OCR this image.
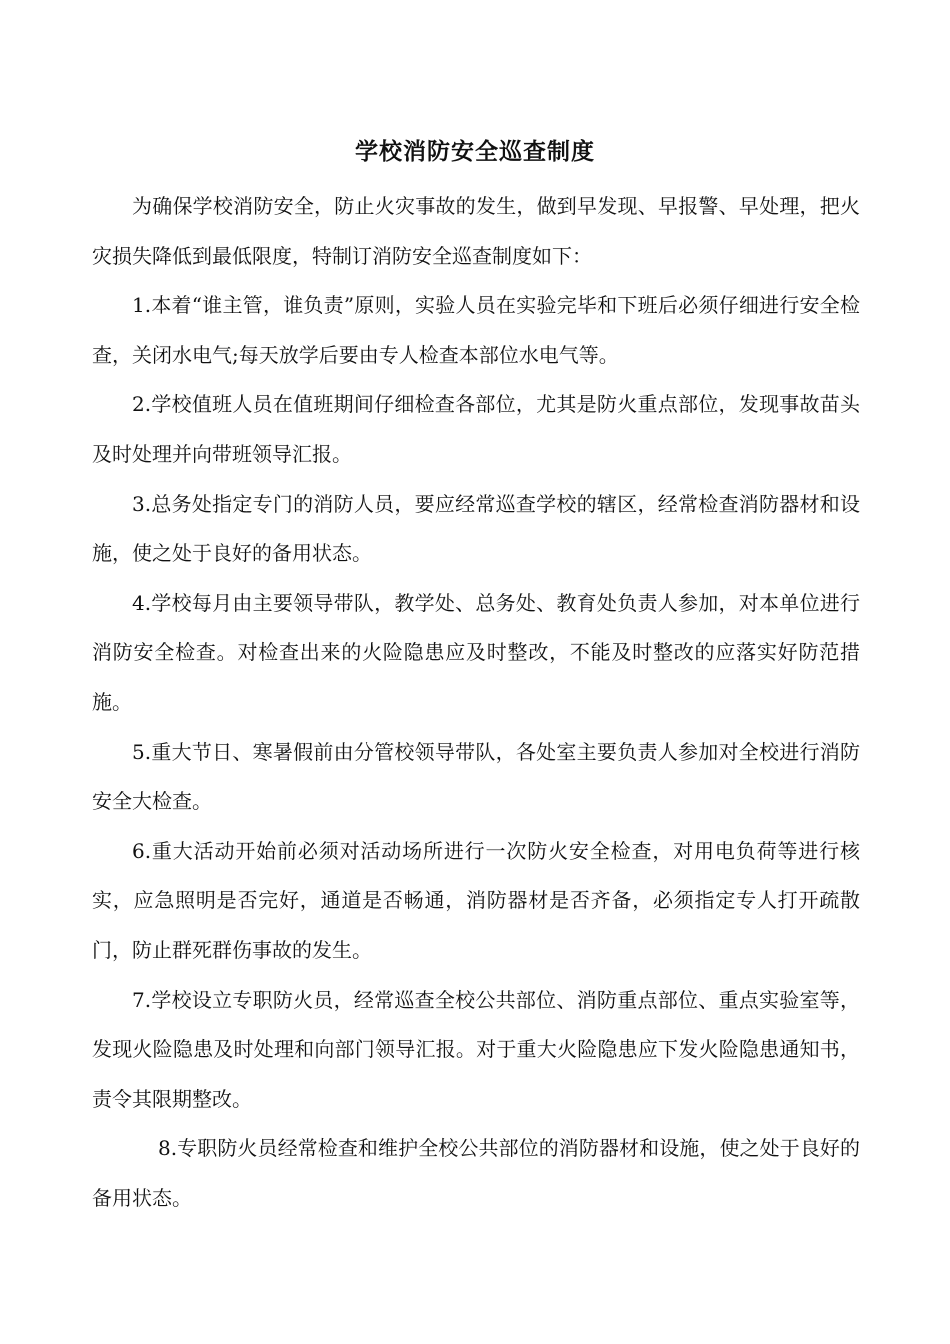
学校消防安全巡查制度

为确保学校消防安全，防止火灾事故的发生，做到早发现、早报警、早处理，把火灾损失降低到最低限度，特制订消防安全巡查制度如下：

1.本着“谁主管，谁负责”原则，实验人员在实验完毕和下班后必须仔细进行安全检查，关闭水电气;每天放学后要由专人检查本部位水电气等。

2.学校值班人员在值班期间仔细检查各部位，尤其是防火重点部位，发现事故苗头及时处理并向带班领导汇报。

3.总务处指定专门的消防人员，要应经常巡查学校的辖区，经常检查消防器材和设施，使之处于良好的备用状态。

4.学校每月由主要领导带队，教学处、总务处、教育处负责人参加，对本单位进行消防安全检查。对检查出来的火险隐患应及时整改，不能及时整改的应落实好防范措施。

5.重大节日、寒暑假前由分管校领导带队，各处室主要负责人参加对全校进行消防安全大检查。

6.重大活动开始前必须对活动场所进行一次防火安全检查，对用电负荷等进行核实，应急照明是否完好，通道是否畅通，消防器材是否齐备，必须指定专人打开疏散门，防止群死群伤事故的发生。

7.学校设立专职防火员，经常巡查全校公共部位、消防重点部位、重点实验室等，发现火险隐患及时处理和向部门领导汇报。对于重大火险隐患应下发火险隐患通知书，责令其限期整改。

8.专职防火员经常检查和维护全校公共部位的消防器材和设施，使之处于良好的备用状态。
